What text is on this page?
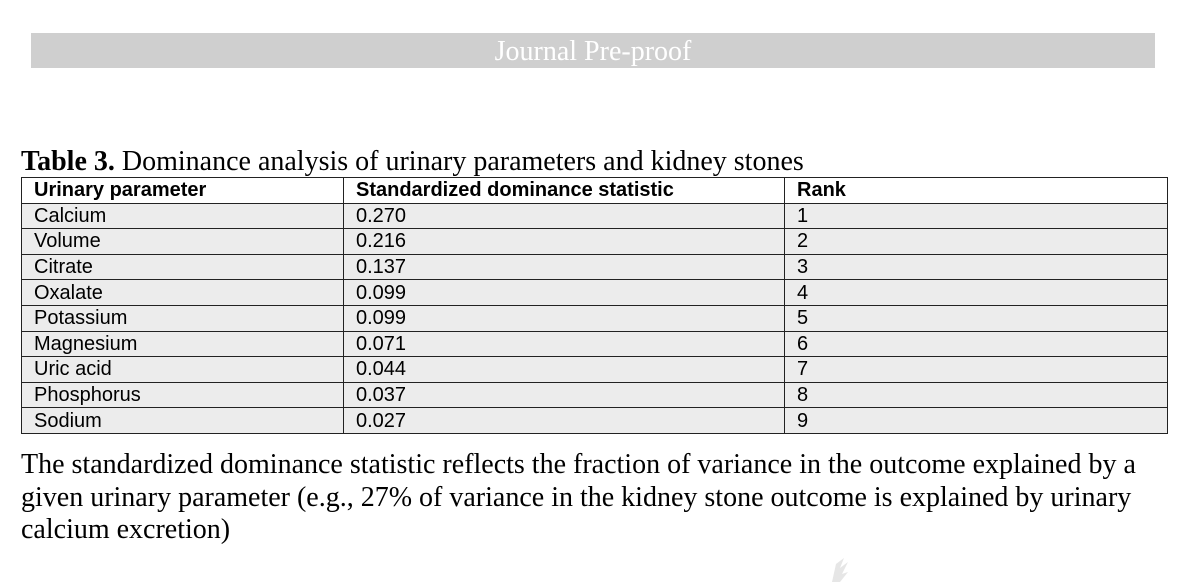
Journal Pre-proof
Table 3. Dominance analysis of urinary parameters and kidney stones
Urinary parameter	Standardized dominance statistic	Rank
Calcium	0.270	1
Volume	0.216	2
Citrate	0.137	3
Oxalate	0.099	4
Potassium	0.099	5
Magnesium	0.071	6
Uric acid	0.044	7
Phosphorus	0.037	8
Sodium	0.027	9
The standardized dominance statistic reflects the fraction of variance in the outcome explained by a given urinary parameter (e.g., 27% of variance in the kidney stone outcome is explained by urinary calcium excretion)
